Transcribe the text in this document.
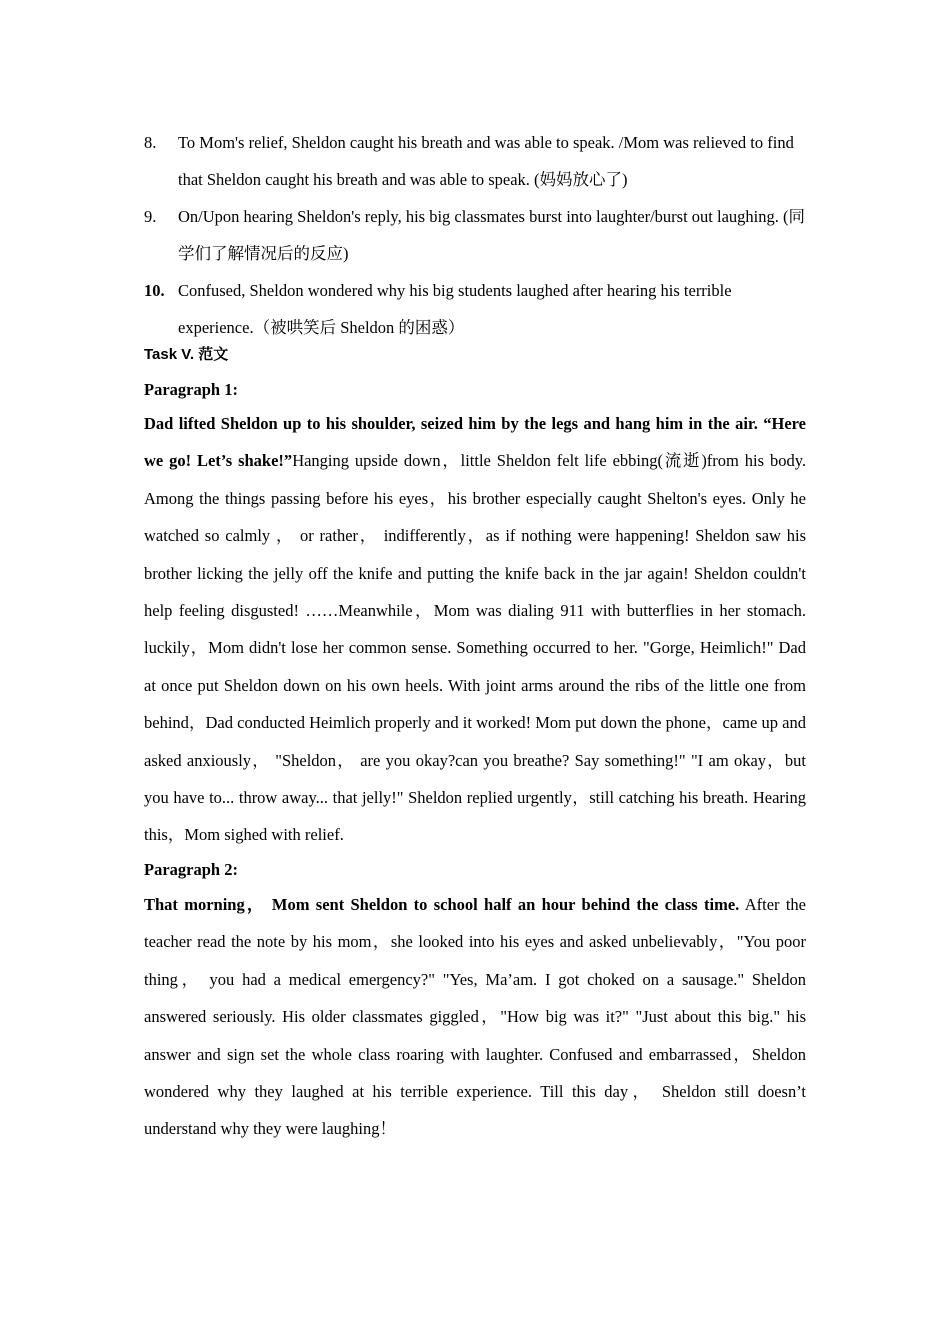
8.	To Mom's relief, Sheldon caught his breath and was able to speak. /Mom was relieved to find that Sheldon caught his breath and was able to speak. (妈妈放心了)
9.	On/Upon hearing Sheldon's reply, his big classmates burst into laughter/burst out laughing. (同学们了解情况后的反应)
10. Confused, Sheldon wondered why his big students laughed after hearing his terrible experience.（被哄笑后 Sheldon 的困惑）
Task V. 范文
Paragraph 1:
Dad lifted Sheldon up to his shoulder, seized him by the legs and hang him in the air. “Here we go! Let’s shake!”Hanging upside down，little Sheldon felt life ebbing(流逝)from his body. Among the things passing before his eyes，his brother especially caught Shelton's eyes. Only he watched so calmly ， or rather， indifferently，as if nothing were happening! Sheldon saw his brother licking the jelly off the knife and putting the knife back in the jar again! Sheldon couldn't help feeling disgusted! ……Meanwhile，Mom was dialing 911 with butterflies in her stomach. luckily，Mom didn't lose her common sense. Something occurred to her. "Gorge, Heimlich!" Dad at once put Sheldon down on his own heels. With joint arms around the ribs of the little one from behind，Dad conducted Heimlich properly and it worked! Mom put down the phone，came up and asked anxiously， "Sheldon， are you okay?can you breathe? Say something!" "I am okay，but you have to... throw away... that jelly!" Sheldon replied urgently，still catching his breath. Hearing this，Mom sighed with relief.
Paragraph 2:
That morning， Mom sent Sheldon to school half an hour behind the class time. After the teacher read the note by his mom，she looked into his eyes and asked unbelievably，"You poor thing， you had a medical emergency?" "Yes, Ma’am. I got choked on a sausage." Sheldon answered seriously. His older classmates giggled，"How big was it?" "Just about this big." his answer and sign set the whole class roaring with laughter. Confused and embarrassed，Sheldon wondered why they laughed at his terrible experience. Till this day， Sheldon still doesn’t understand why they were laughing！
